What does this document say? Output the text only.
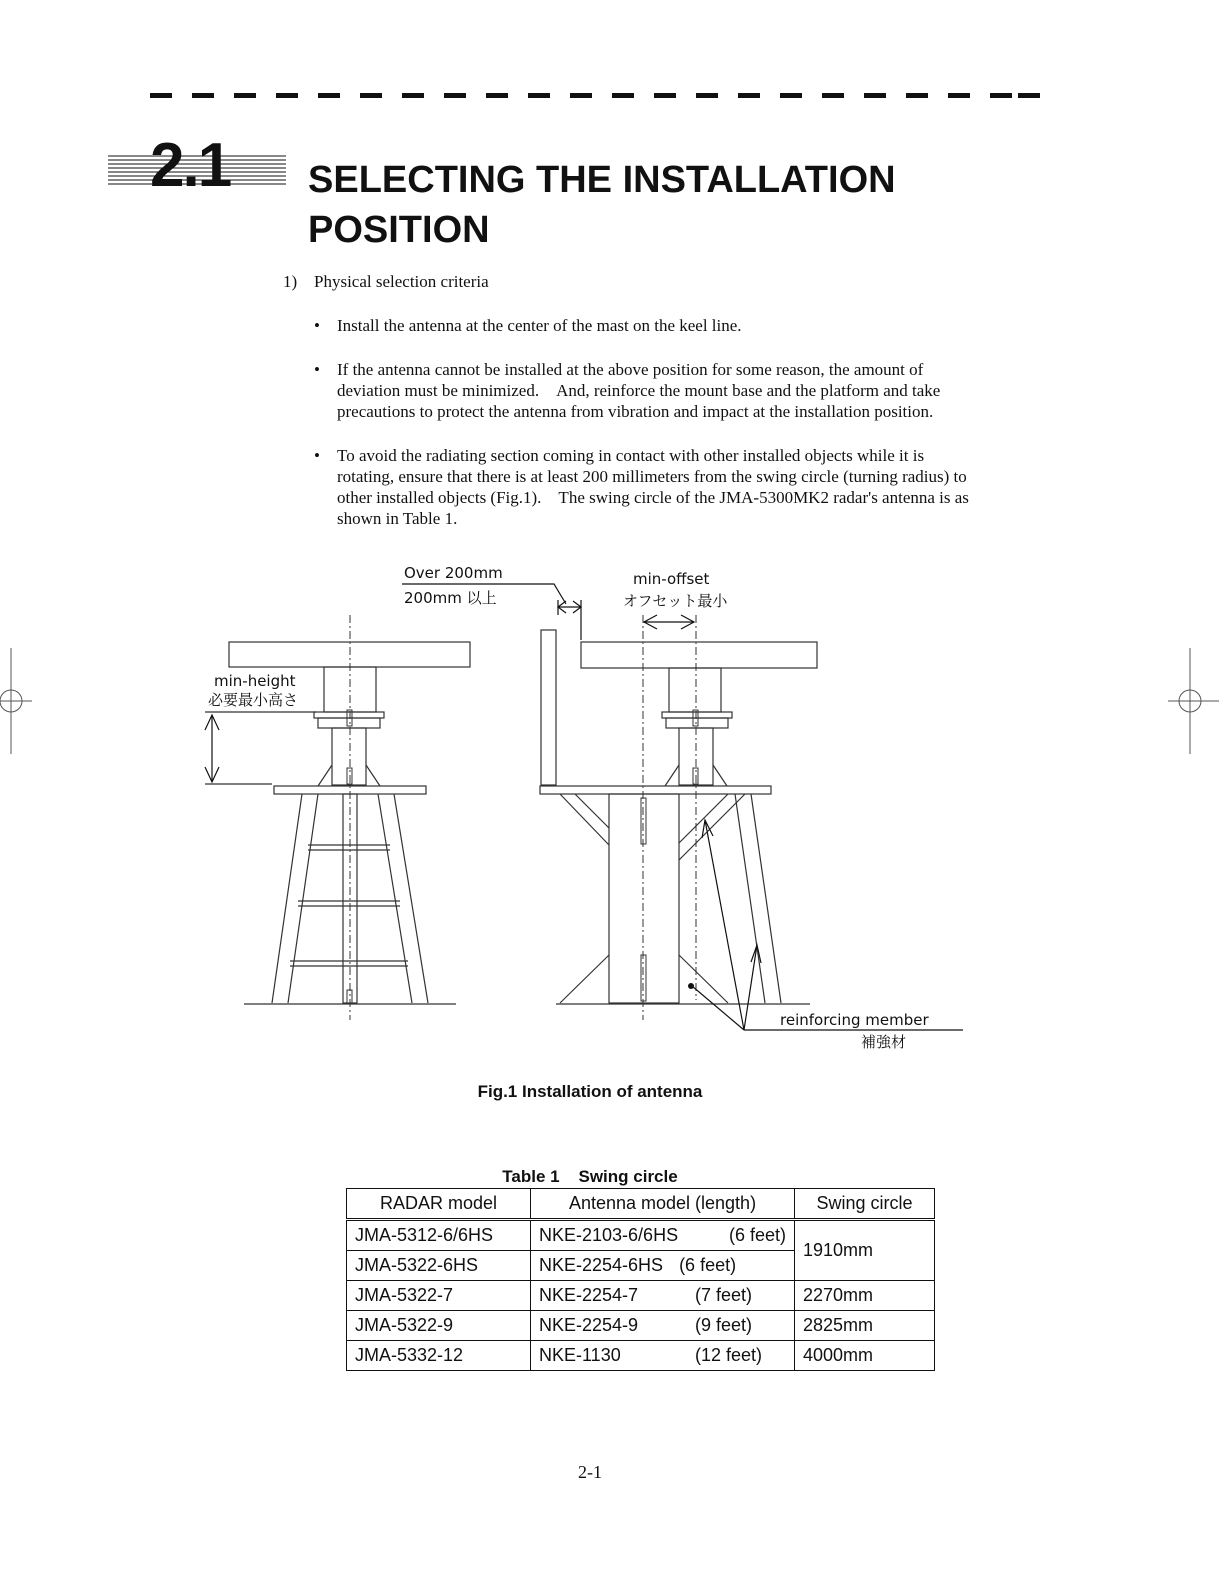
2.1 SELECTING THE INSTALLATION
POSITION
1) Physical selection criteria
•	Install the antenna at the center of the mast on the keel line.
•	If the antenna cannot be installed at the above position for some reason, the amount of
deviation must be minimized.    And, reinforce the mount base and the platform and take
precautions to protect the antenna from vibration and impact at the installation position.
•	To avoid the radiating section coming in contact with other installed objects while it is
rotating, ensure that there is at least 200 millimeters from the swing circle (turning radius) to
other installed objects (Fig.1).    The swing circle of the JMA-5300MK2 radar's antenna is as
shown in Table 1.
Over 200mm
200mm 以上
min-offset
オフセット最小
min-height
必要最小高さ
reinforcing member
補強材
Fig.1 Installation of antenna
Table 1    Swing circle
RADAR model	Antenna model (length)	Swing circle
JMA-5312-6/6HS	NKE-2103-6/6HS (6 feet)	1910mm
JMA-5322-6HS	NKE-2254-6HS (6 feet)	

JMA-5322-7	NKE-2254-7 (7 feet)	2270mm
JMA-5322-9	NKE-2254-9 (9 feet)	2825mm
JMA-5332-12	NKE-1130 (12 feet)	4000mm
2-1
